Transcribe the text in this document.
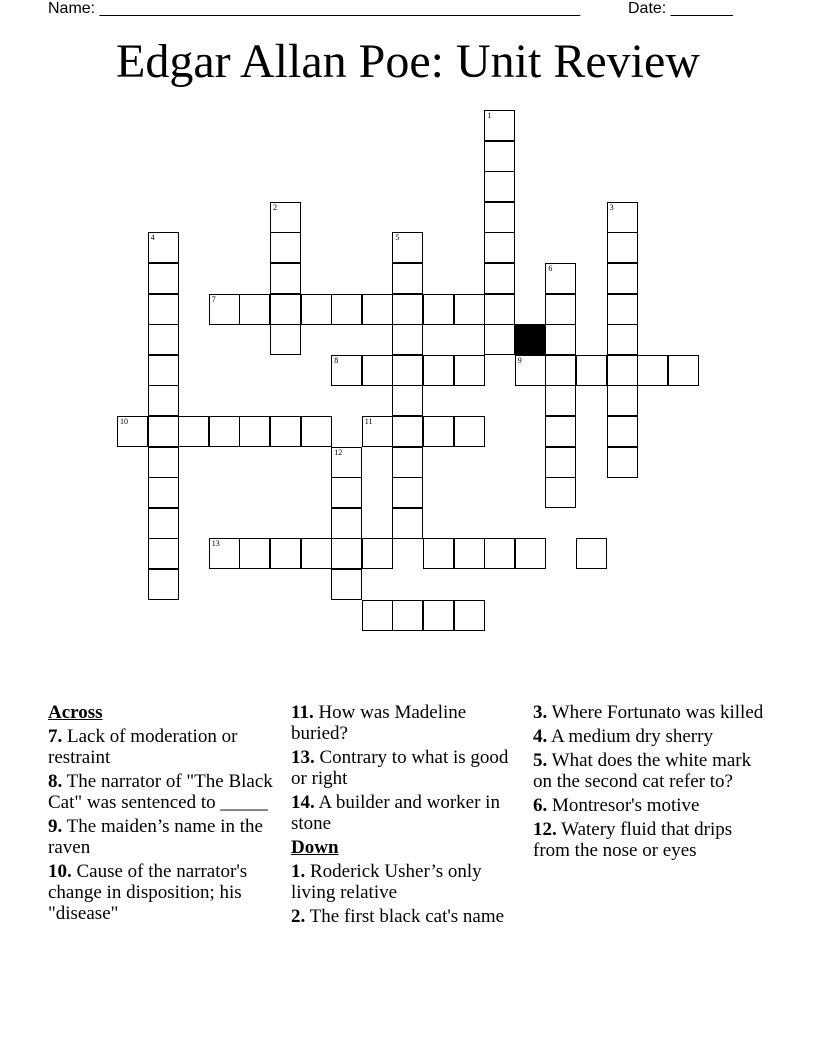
Name: ______________________________________________________	Date: _______
Edgar Allan Poe: Unit Review
1
2	3
4	5
6
7
8	9
10	11
12
13
Across
7. Lack of moderation or restraint
8. The narrator of "The Black Cat" was sentenced to _____
9. The maiden’s name in the raven
10. Cause of the narrator's change in disposition; his "disease"
11. How was Madeline buried?
13. Contrary to what is good or right
14. A builder and worker in stone
Down
1. Roderick Usher’s only living relative
2. The first black cat's name
3. Where Fortunato was killed
4. A medium dry sherry
5. What does the white mark on the second cat refer to?
6. Montresor's motive
12. Watery fluid that drips from the nose or eyes
